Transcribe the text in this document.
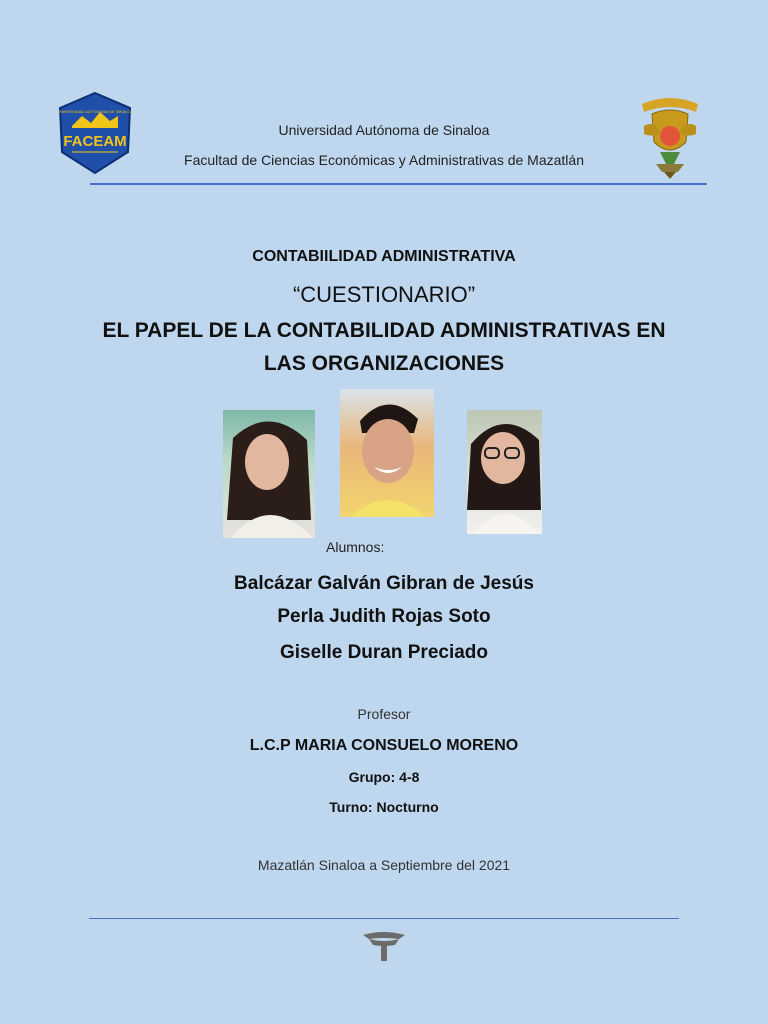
UNIVERSIDAD AUTÓNOMA DE SINALOA
FACEAM
Universidad Autónoma de Sinaloa
Facultad de Ciencias Económicas y Administrativas de Mazatlán
CONTABIILIDAD ADMINISTRATIVA
“CUESTIONARIO”
EL PAPEL DE LA CONTABILIDAD ADMINISTRATIVAS EN LAS ORGANIZACIONES
Alumnos:
Balcázar Galván Gibran de Jesús
Perla Judith Rojas Soto
Giselle Duran Preciado
Profesor
L.C.P MARIA CONSUELO MORENO
Grupo: 4-8
Turno: Nocturno
Mazatlán Sinaloa a Septiembre del 2021
